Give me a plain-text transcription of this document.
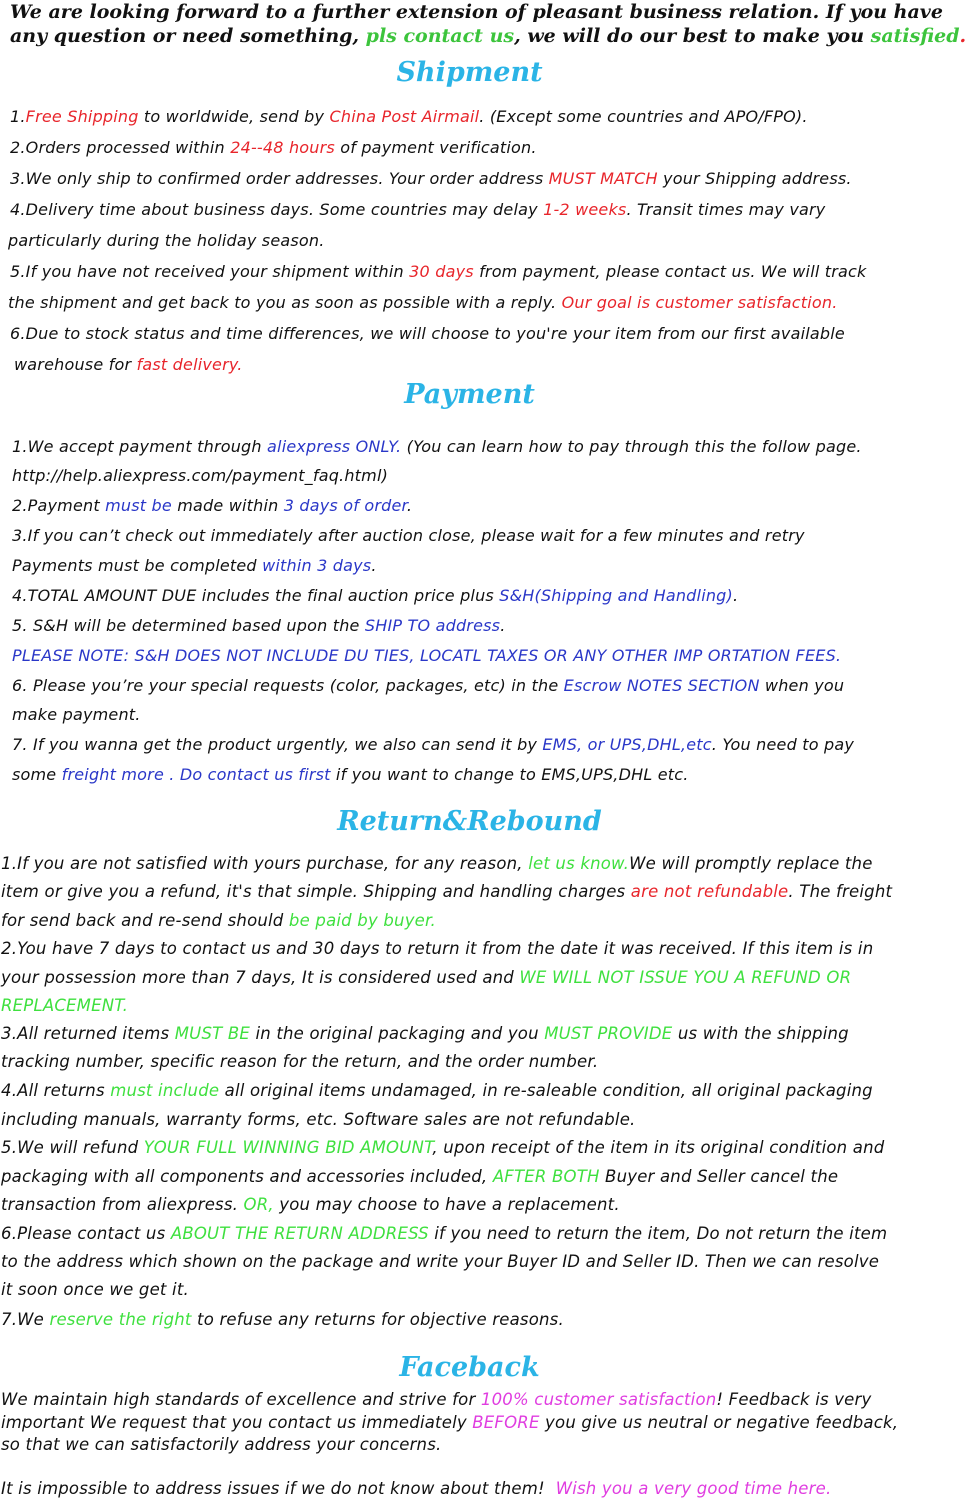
We are looking forward to a further extension of pleasant business relation. If you have
any question or need something, pls contact us, we will do our best to make you satisfied.
Shipment
1.Free Shipping to worldwide, send by China Post Airmail. (Except some countries and APO/FPO).
2.Orders processed within 24--48 hours of payment verification.
3.We only ship to confirmed order addresses. Your order address MUST MATCH your Shipping address.
4.Delivery time about business days. Some countries may delay 1-2 weeks. Transit times may vary
particularly during the holiday season.
5.If you have not received your shipment within 30 days from payment, please contact us. We will track
the shipment and get back to you as soon as possible with a reply. Our goal is customer satisfaction.
6.Due to stock status and time differences, we will choose to you're your item from our first available
warehouse for fast delivery.
Payment
1.We accept payment through aliexpress ONLY. (You can learn how to pay through this the follow page.
http://help.aliexpress.com/payment_faq.html)
2.Payment must be made within 3 days of order.
3.If you can’t check out immediately after auction close, please wait for a few minutes and retry
Payments must be completed within 3 days.
4.TOTAL AMOUNT DUE includes the final auction price plus S&H(Shipping and Handling).
5. S&H will be determined based upon the SHIP TO address.
PLEASE NOTE: S&H DOES NOT INCLUDE DU TIES, LOCATL TAXES OR ANY OTHER IMP ORTATION FEES.
6. Please you’re your special requests (color, packages, etc) in the Escrow NOTES SECTION when you
make payment.
7. If you wanna get the product urgently, we also can send it by EMS, or UPS,DHL,etc. You need to pay
some freight more . Do contact us first if you want to change to EMS,UPS,DHL etc.
Return&Rebound
1.If you are not satisfied with yours purchase, for any reason, let us know.We will promptly replace the
item or give you a refund, it's that simple. Shipping and handling charges are not refundable. The freight
for send back and re-send should be paid by buyer.
2.You have 7 days to contact us and 30 days to return it from the date it was received. If this item is in
your possession more than 7 days, It is considered used and WE WILL NOT ISSUE YOU A REFUND OR
REPLACEMENT.
3.All returned items MUST BE in the original packaging and you MUST PROVIDE us with the shipping
tracking number, specific reason for the return, and the order number.
4.All returns must include all original items undamaged, in re-saleable condition, all original packaging
including manuals, warranty forms, etc. Software sales are not refundable.
5.We will refund YOUR FULL WINNING BID AMOUNT, upon receipt of the item in its original condition and
packaging with all components and accessories included, AFTER BOTH Buyer and Seller cancel the
transaction from aliexpress. OR, you may choose to have a replacement.
6.Please contact us ABOUT THE RETURN ADDRESS if you need to return the item, Do not return the item
to the address which shown on the package and write your Buyer ID and Seller ID. Then we can resolve
it soon once we get it.
7.We reserve the right to refuse any returns for objective reasons.
Faceback
We maintain high standards of excellence and strive for 100% customer satisfaction! Feedback is very
important We request that you contact us immediately BEFORE you give us neutral or negative feedback,
so that we can satisfactorily address your concerns.
It is impossible to address issues if we do not know about them!  Wish you a very good time here.
